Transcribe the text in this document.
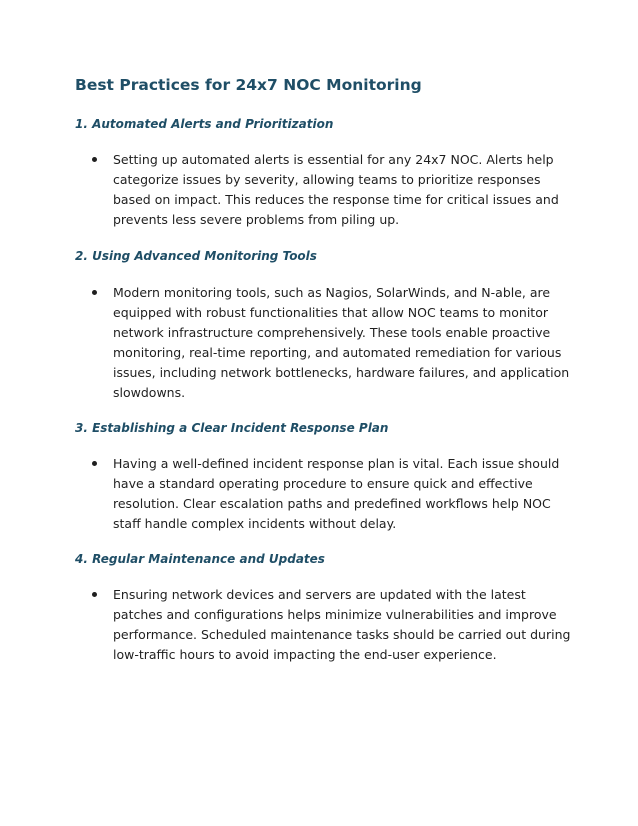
Best Practices for 24x7 NOC Monitoring
1. Automated Alerts and Prioritization
Setting up automated alerts is essential for any 24x7 NOC. Alerts help categorize issues by severity, allowing teams to prioritize responses based on impact. This reduces the response time for critical issues and prevents less severe problems from piling up.
2. Using Advanced Monitoring Tools
Modern monitoring tools, such as Nagios, SolarWinds, and N-able, are equipped with robust functionalities that allow NOC teams to monitor network infrastructure comprehensively. These tools enable proactive monitoring, real-time reporting, and automated remediation for various issues, including network bottlenecks, hardware failures, and application slowdowns.
3. Establishing a Clear Incident Response Plan
Having a well-defined incident response plan is vital. Each issue should have a standard operating procedure to ensure quick and effective resolution. Clear escalation paths and predefined workflows help NOC staff handle complex incidents without delay.
4. Regular Maintenance and Updates
Ensuring network devices and servers are updated with the latest patches and configurations helps minimize vulnerabilities and improve performance. Scheduled maintenance tasks should be carried out during low-traffic hours to avoid impacting the end-user experience.
